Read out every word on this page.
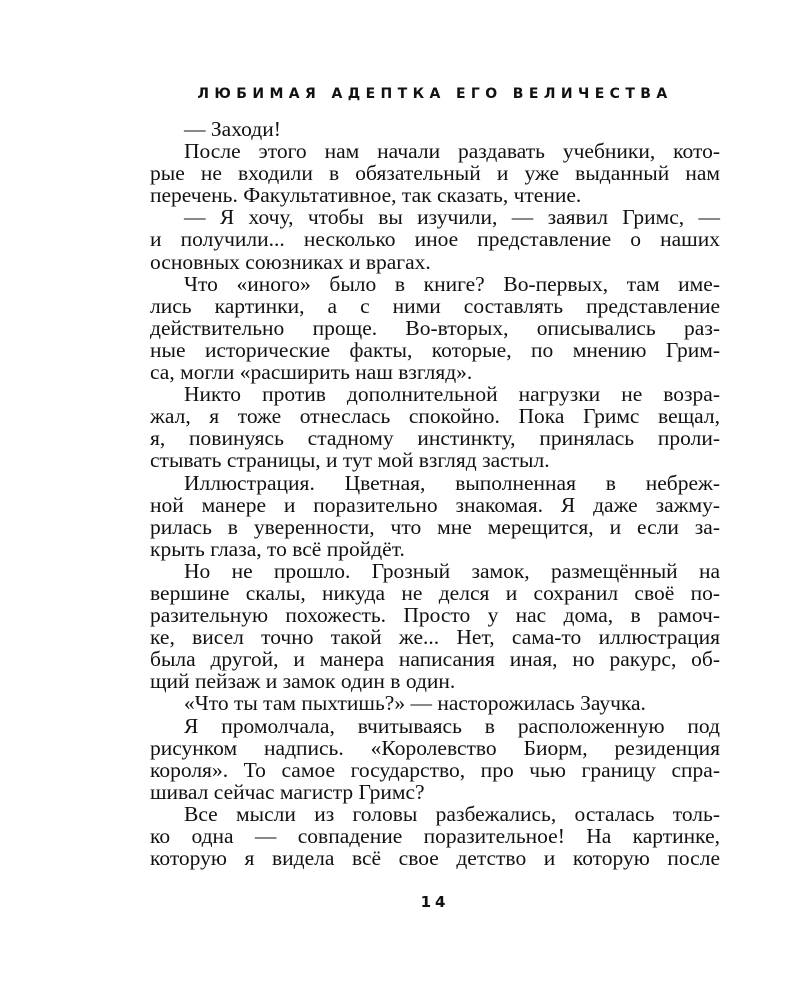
ЛЮБИМАЯ АДЕПТКА ЕГО ВЕЛИЧЕСТВА
— Заходи!
После этого нам начали раздавать учебники, кото-
рые не входили в обязательный и уже выданный нам
перечень. Факультативное, так сказать, чтение.
— Я хочу, чтобы вы изучили, — заявил Гримс, —
и получили... несколько иное представление о наших
основных союзниках и врагах.
Что «иного» было в книге? Во-первых, там име-
лись картинки, а с ними составлять представление
действительно проще. Во-вторых, описывались раз-
ные исторические факты, которые, по мнению Грим-
са, могли «расширить наш взгляд».
Никто против дополнительной нагрузки не возра-
жал, я тоже отнеслась спокойно. Пока Гримс вещал,
я, повинуясь стадному инстинкту, принялась проли-
стывать страницы, и тут мой взгляд застыл.
Иллюстрация. Цветная, выполненная в небреж-
ной манере и поразительно знакомая. Я даже зажму-
рилась в уверенности, что мне мерещится, и если за-
крыть глаза, то всё пройдёт.
Но не прошло. Грозный замок, размещённый на
вершине скалы, никуда не делся и сохранил своё по-
разительную похожесть. Просто у нас дома, в рамоч-
ке, висел точно такой же... Нет, сама-то иллюстрация
была другой, и манера написания иная, но ракурс, об-
щий пейзаж и замок один в один.
«Что ты там пыхтишь?» — насторожилась Заучка.
Я промолчала, вчитываясь в расположенную под
рисунком надпись. «Королевство Биорм, резиденция
короля». То самое государство, про чью границу спра-
шивал сейчас магистр Гримс?
Все мысли из головы разбежались, осталась толь-
ко одна — совпадение поразительное! На картинке,
которую я видела всё свое детство и которую после
14
